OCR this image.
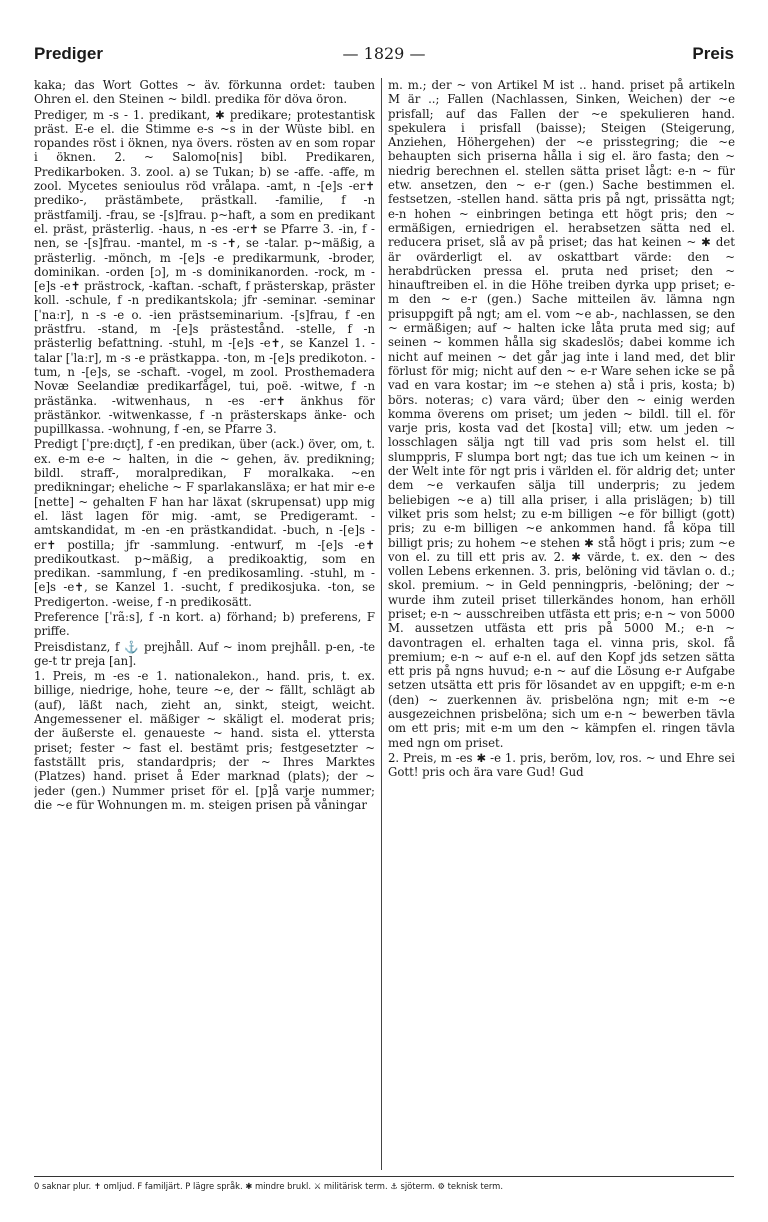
Prediger	— 1829 —	Preis

kaka; das Wort Gottes ~ äv. förkunna ordet: tauben Ohren el. den Steinen ~ bildl. predika för döva öron.

Prediger, m -s - 1. predikant, ✱ predikare; protestantisk präst. E-e el. die Stimme e-s ~s in der Wüste bibl. en ropandes röst i öknen, nya övers. rösten av en som ropar i öknen. 2. ~ Salomo[nis] bibl. Predikaren, Predikarboken. 3. zool. a) se Tukan; b) se -affe. -affe, m zool. Mycetes senioulus röd vrålapa. -amt, n -[e]s -er✝ prediko-, prästämbete, prästkall. -familie, f -n prästfamilj. -frau, se -[s]frau. p~haft, a som en predikant el. präst, prästerlig. -haus, n -es -er✝ se Pfarre 3. -in, f -nen, se -[s]frau. -mantel, m -s -✝, se -talar. p~mäßig, a prästerlig. -mönch, m -[e]s -e predikarmunk, -broder, dominikan. -orden [ɔ], m -s dominikanorden. -rock, m -[e]s -e✝ prästrock, -kaftan. -schaft, f prästerskap, präster koll. -schule, f -n predikantskola; jfr -seminar. -seminar [ˈnaːr], n -s -e o. -ien prästseminarium. -[s]frau, f -en prästfru. -stand, m -[e]s prästestånd. -stelle, f -n prästerlig befattning. -stuhl, m -[e]s -e✝, se Kanzel 1. -talar [ˈlaːr], m -s -e prästkappa. -ton, m -[e]s predikoton. -tum, n -[e]s, se -schaft. -vogel, m zool. Prosthemadera Novæ Seelandiæ predikarfågel, tui, poë. -witwe, f -n prästänka. -witwenhaus, n -es -er✝ änkhus för prästänkor. -witwenkasse, f -n prästerskaps änke- och pupillkassa. -wohnung, f -en, se Pfarre 3.

Predigt [ˈpreːdɪçt], f -en predikan, über (ack.) över, om, t. ex. e-m e-e ~ halten, in die ~ gehen, äv. predikning; bildl. straff-, moralpredikan, F moralkaka. ~en predikningar; eheliche ~ F sparlakansläxa; er hat mir e-e [nette] ~ gehalten F han har läxat (skrupensat) upp mig el. läst lagen för mig. -amt, se Predigeramt. -amtskandidat, m -en -en prästkandidat. -buch, n -[e]s -er✝ postilla; jfr -sammlung. -entwurf, m -[e]s -e✝ predikoutkast. p~mäßig, a predikoaktig, som en predikan. -sammlung, f -en predikosamling. -stuhl, m -[e]s -e✝, se Kanzel 1. -sucht, f predikosjuka. -ton, se Predigerton. -weise, f -n predikosätt.

Preference [ˈrãːs], f -n kort. a) förhand; b) preferens, F priffe.

Preisdistanz, f ⚓ prejhåll. Auf ~ inom prejhåll. p-en, -te ge-t tr preja [an].

1. Preis, m -es -e 1. nationalekon., hand. pris, t. ex. billige, niedrige, hohe, teure ~e, der ~ fällt, schlägt ab (auf), läßt nach, zieht an, sinkt, steigt, weicht. Angemessener el. mäßiger ~ skäligt el. moderat pris; der äußerste el. genaueste ~ hand. sista el. yttersta priset; fester ~ fast el. bestämt pris; festgesetzter ~ fastställt pris, standardpris; der ~ Ihres Marktes (Platzes) hand. priset å Eder marknad (plats); der ~ jeder (gen.) Nummer priset för el. [p]å varje nummer; die ~e für Wohnungen m. m. steigen prisen på våningar

m. m.; der ~ von Artikel M ist .. hand. priset på artikeln M är ..; Fallen (Nachlassen, Sinken, Weichen) der ~e prisfall; auf das Fallen der ~e spekulieren hand. spekulera i prisfall (baisse); Steigen (Steigerung, Anziehen, Höhergehen) der ~e prisstegring; die ~e behaupten sich priserna hålla i sig el. äro fasta; den ~ niedrig berechnen el. stellen sätta priset lågt: e-n ~ für etw. ansetzen, den ~ e-r (gen.) Sache bestimmen el. festsetzen, -stellen hand. sätta pris på ngt, prissätta ngt; e-n hohen ~ einbringen betinga ett högt pris; den ~ ermäßigen, erniedrigen el. herabsetzen sätta ned el. reducera priset, slå av på priset; das hat keinen ~ ✱ det är ovärderligt el. av oskattbart värde: den ~ herabdrücken pressa el. pruta ned priset; den ~ hinauftreiben el. in die Höhe treiben dyrka upp priset; e-m den ~ e-r (gen.) Sache mitteilen äv. lämna ngn prisuppgift på ngt; am el. vom ~e ab-, nachlassen, se den ~ ermäßigen; auf ~ halten icke låta pruta med sig; auf seinen ~ kommen hålla sig skadeslös; dabei komme ich nicht auf meinen ~ det går jag inte i land med, det blir förlust för mig; nicht auf den ~ e-r Ware sehen icke se på vad en vara kostar; im ~e stehen a) stå i pris, kosta; b) börs. noteras; c) vara värd; über den ~ einig werden komma överens om priset; um jeden ~ bildl. till el. för varje pris, kosta vad det [kosta] vill; etw. um jeden ~ losschlagen sälja ngt till vad pris som helst el. till slumppris, F slumpa bort ngt; das tue ich um keinen ~ in der Welt inte för ngt pris i världen el. för aldrig det; unter dem ~e verkaufen sälja till underpris; zu jedem beliebigen ~e a) till alla priser, i alla prislägen; b) till vilket pris som helst; zu e-m billigen ~e för billigt (gott) pris; zu e-m billigen ~e ankommen hand. få köpa till billigt pris; zu hohem ~e stehen ✱ stå högt i pris; zum ~e von el. zu till ett pris av. 2. ✱ värde, t. ex. den ~ des vollen Lebens erkennen. 3. pris, belöning vid tävlan o. d.; skol. premium. ~ in Geld penningpris, -belöning; der ~ wurde ihm zuteil priset tillerkändes honom, han erhöll priset; e-n ~ ausschreiben utfästa ett pris; e-n ~ von 5000 M. aussetzen utfästa ett pris på 5000 M.; e-n ~ davontragen el. erhalten taga el. vinna pris, skol. få premium; e-n ~ auf e-n el. auf den Kopf jds setzen sätta ett pris på ngns huvud; e-n ~ auf die Lösung e-r Aufgabe setzen utsätta ett pris för lösandet av en uppgift; e-m e-n (den) ~ zuerkennen äv. prisbelöna ngn; mit e-m ~e ausgezeichnen prisbelöna; sich um e-n ~ bewerben tävla om ett pris; mit e-m um den ~ kämpfen el. ringen tävla med ngn om priset.

2. Preis, m -es ✱ -e 1. pris, beröm, lov, ros. ~ und Ehre sei Gott! pris och ära vare Gud! Gud

0 saknar plur. ✝ omljud. F familjärt. P lägre språk. ✱ mindre brukl. ⚔ militärisk term. ⚓ sjöterm. ⚙ teknisk term.
